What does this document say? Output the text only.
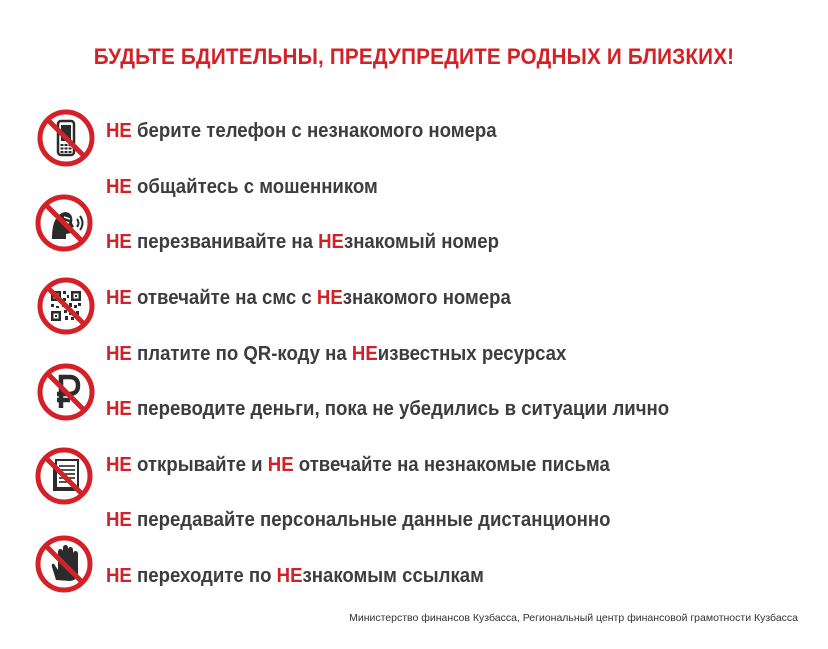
БУДЬТЕ БДИТЕЛЬНЫ, ПРЕДУПРЕДИТЕ РОДНЫХ И БЛИЗКИХ!
НЕ берите телефон с незнакомого номера
НЕ общайтесь с мошенником
НЕ перезванивайте на НЕзнакомый номер
НЕ отвечайте на смс с НЕзнакомого номера
НЕ платите по QR-коду на НЕизвестных ресурсах
НЕ переводите деньги, пока не убедились в ситуации лично
НЕ открывайте и НЕ отвечайте на незнакомые письма
НЕ передавайте персональные данные дистанционно
НЕ переходите по НЕзнакомым ссылкам
Министерство финансов Кузбасса, Региональный центр финансовой грамотности Кузбасса
